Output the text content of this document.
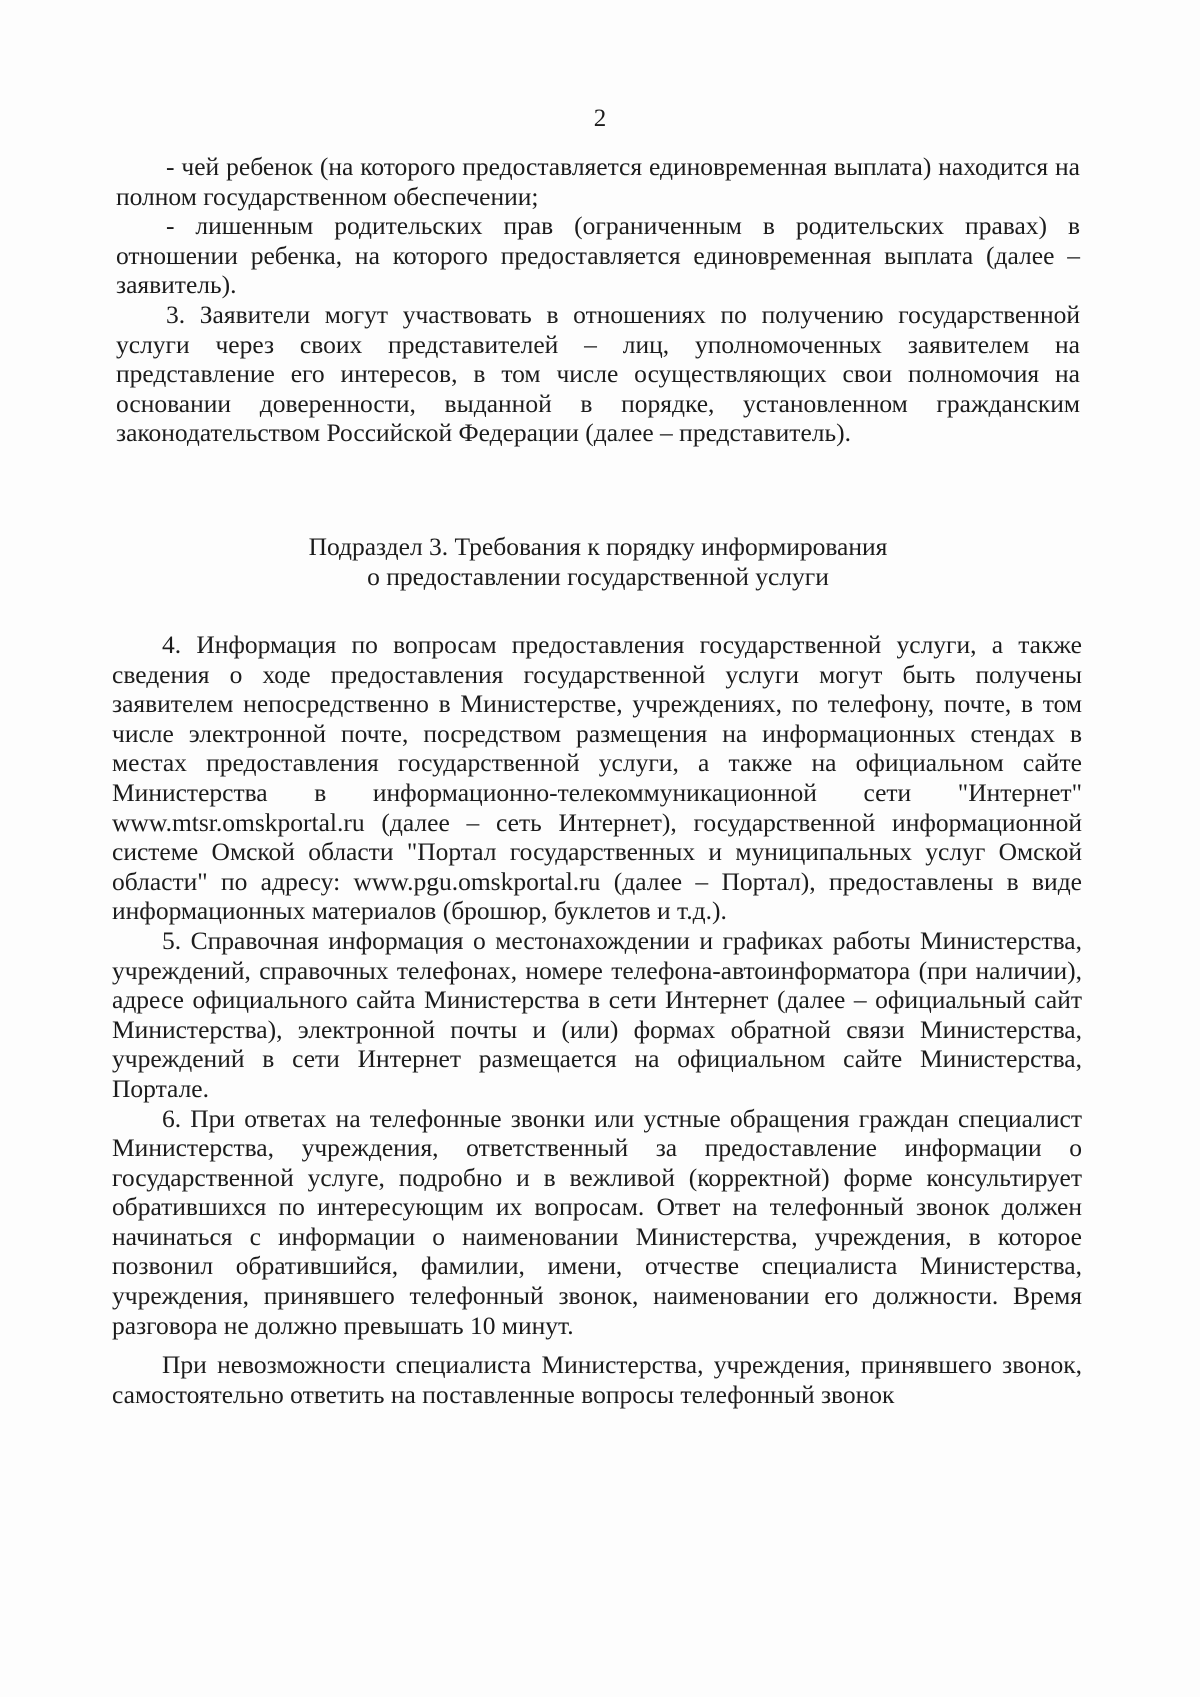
2

- чей ребенок (на которого предоставляется единовременная выплата) находится на полном государственном обеспечении;

- лишенным родительских прав (ограниченным в родительских правах) в отношении ребенка, на которого предоставляется единовременная выплата (далее – заявитель).

3. Заявители могут участвовать в отношениях по получению государственной услуги через своих представителей – лиц, уполномоченных заявителем на представление его интересов, в том числе осуществляющих свои полномочия на основании доверенности, выданной в порядке, установленном гражданским законодательством Российской Федерации (далее – представитель).

Подраздел 3. Требования к порядку информирования
о предоставлении государственной услуги

4. Информация по вопросам предоставления государственной услуги, а также сведения о ходе предоставления государственной услуги могут быть получены заявителем непосредственно в Министерстве, учреждениях, по телефону, почте, в том числе электронной почте, посредством размещения на информационных стендах в местах предоставления государственной услуги, а также на официальном сайте Министерства в информационно-телекоммуникационной сети "Интернет" www.mtsr.omskportal.ru (далее – сеть Интернет), государственной информационной системе Омской области "Портал государственных и муниципальных услуг Омской области" по адресу: www.pgu.omskportal.ru (далее – Портал), предоставлены в виде информационных материалов (брошюр, буклетов и т.д.).

5. Справочная информация о местонахождении и графиках работы Министерства, учреждений, справочных телефонах, номере телефона-автоинформатора (при наличии), адресе официального сайта Министерства в сети Интернет (далее – официальный сайт Министерства), электронной почты и (или) формах обратной связи Министерства, учреждений в сети Интернет размещается на официальном сайте Министерства, Портале.

6. При ответах на телефонные звонки или устные обращения граждан специалист Министерства, учреждения, ответственный за предоставление информации о государственной услуге, подробно и в вежливой (корректной) форме консультирует обратившихся по интересующим их вопросам. Ответ на телефонный звонок должен начинаться с информации о наименовании Министерства, учреждения, в которое позвонил обратившийся, фамилии, имени, отчестве специалиста Министерства, учреждения, принявшего телефонный звонок, наименовании его должности. Время разговора не должно превышать 10 минут.

При невозможности специалиста Министерства, учреждения, принявшего звонок, самостоятельно ответить на поставленные вопросы телефонный звонок
